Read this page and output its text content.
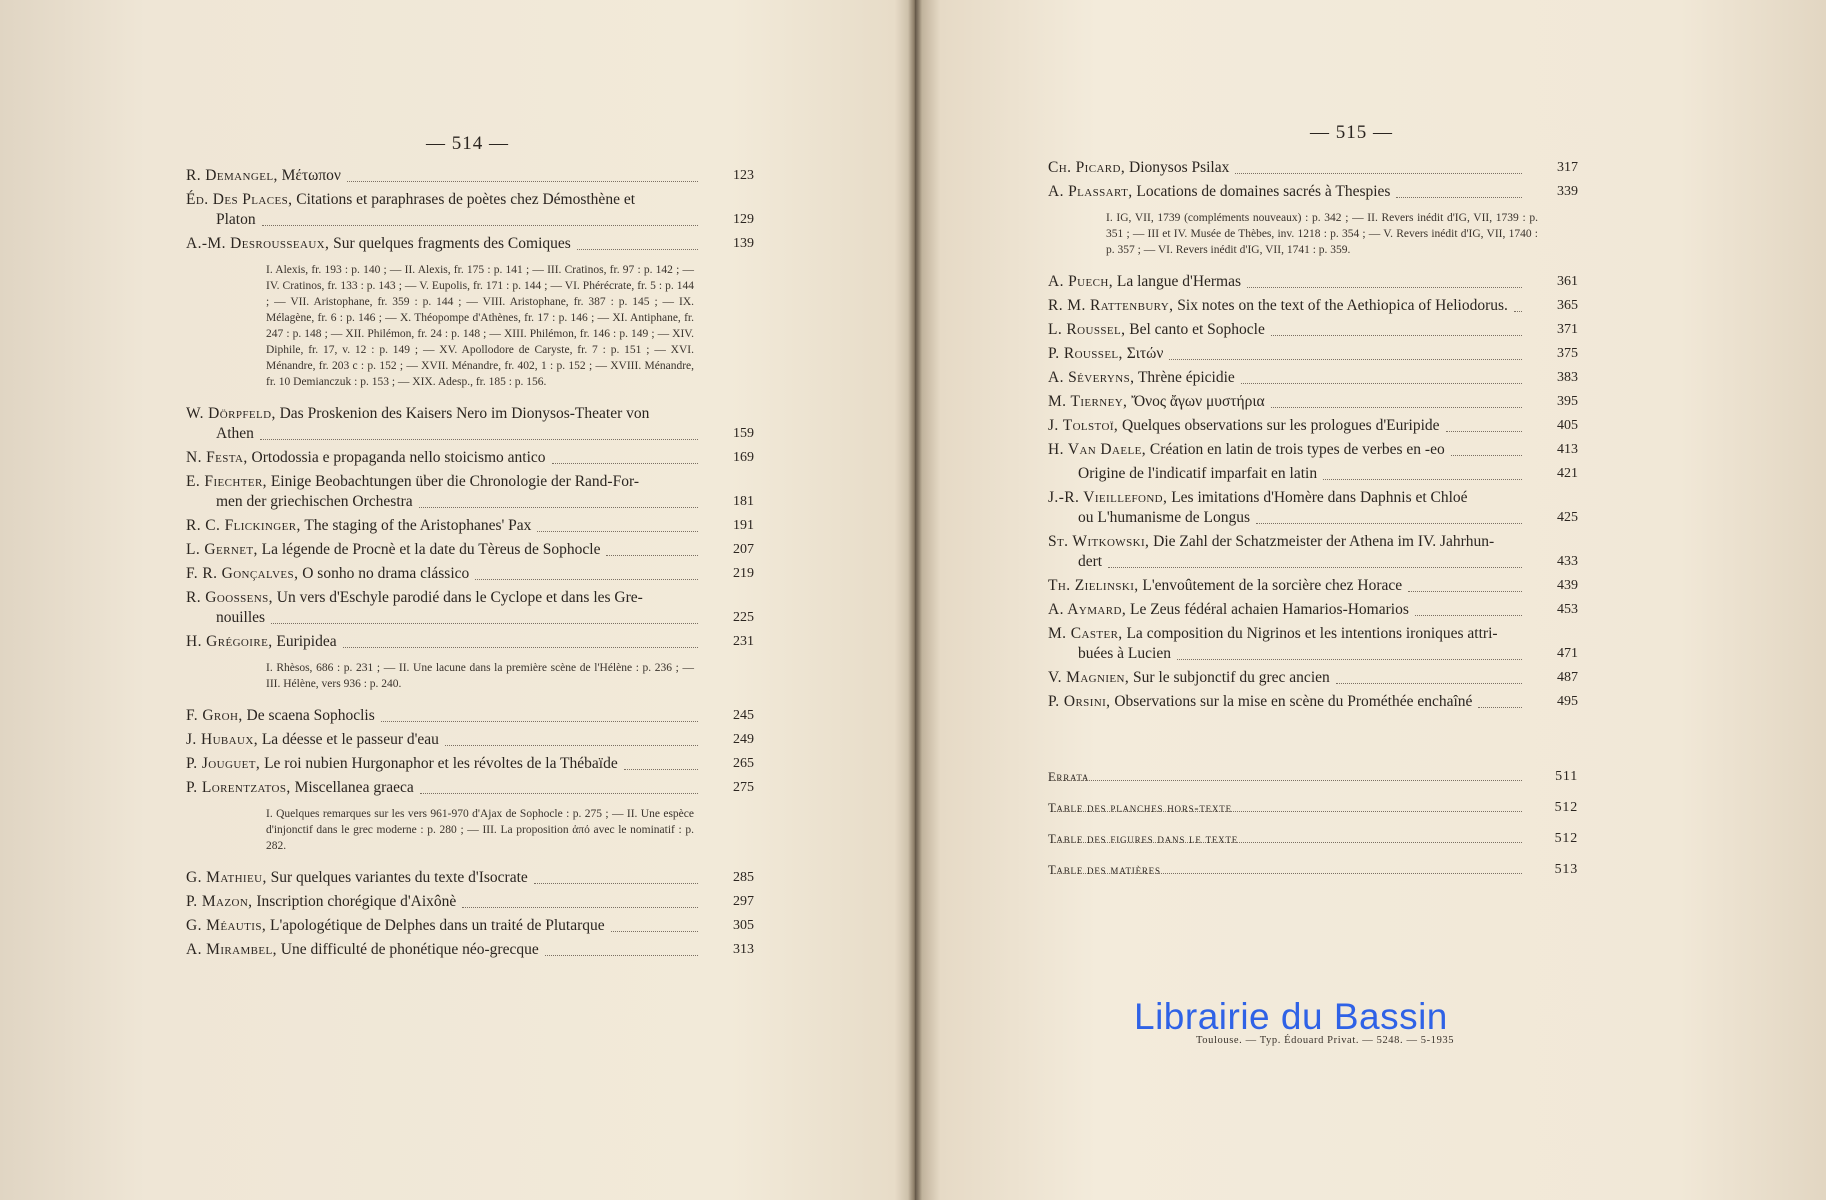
— 514 —
R. Demangel, Μέτωπον	123
Éd. Des Places, Citations et paraphrases de poètes chez Démosthène et
Platon	129
A.-M. Desrousseaux, Sur quelques fragments des Comiques	139
I. Alexis, fr. 193 : p. 140 ; — II. Alexis, fr. 175 : p. 141 ; — III. Cratinos, fr. 97 : p. 142 ; — IV. Cratinos, fr. 133 : p. 143 ; — V. Eupolis, fr. 171 : p. 144 ; — VI. Phérécrate, fr. 5 : p. 144 ; — VII. Aristophane, fr. 359 : p. 144 ; — VIII. Aristophane, fr. 387 : p. 145 ; — IX. Mélagène, fr. 6 : p. 146 ; — X. Théopompe d'Athènes, fr. 17 : p. 146 ; — XI. Antiphane, fr. 247 : p. 148 ; — XII. Philémon, fr. 24 : p. 148 ; — XIII. Philémon, fr. 146 : p. 149 ; — XIV. Diphile, fr. 17, v. 12 : p. 149 ; — XV. Apollodore de Caryste, fr. 7 : p. 151 ; — XVI. Ménandre, fr. 203 c : p. 152 ; — XVII. Ménandre, fr. 402, 1 : p. 152 ; — XVIII. Ménandre, fr. 10 Demianczuk : p. 153 ; — XIX. Adesp., fr. 185 : p. 156.
W. Dörpfeld, Das Proskenion des Kaisers Nero im Dionysos-Theater von
Athen	159
N. Festa, Ortodossia e propaganda nello stoicismo antico	169
E. Fiechter, Einige Beobachtungen über die Chronologie der Rand-For-
men der griechischen Orchestra	181
R. C. Flickinger, The staging of the Aristophanes' Pax	191
L. Gernet, La légende de Procnè et la date du Tèreus de Sophocle	207
F. R. Gonçalves, O sonho no drama clássico	219
R. Goossens, Un vers d'Eschyle parodié dans le Cyclope et dans les Gre-
nouilles	225
H. Grégoire, Euripidea	231
I. Rhèsos, 686 : p. 231 ; — II. Une lacune dans la première scène de l'Hélène : p. 236 ; — III. Hélène, vers 936 : p. 240.
F. Groh, De scaena Sophoclis	245
J. Hubaux, La déesse et le passeur d'eau	249
P. Jouguet, Le roi nubien Hurgonaphor et les révoltes de la Thébaïde	265
P. Lorentzatos, Miscellanea graeca	275
I. Quelques remarques sur les vers 961-970 d'Ajax de Sophocle : p. 275 ; — II. Une espèce d'injonctif dans le grec moderne : p. 280 ; — III. La proposition ἀπό avec le nominatif : p. 282.
G. Mathieu, Sur quelques variantes du texte d'Isocrate	285
P. Mazon, Inscription chorégique d'Aixônè	297
G. Méautis, L'apologétique de Delphes dans un traité de Plutarque	305
A. Mirambel, Une difficulté de phonétique néo-grecque	313
— 515 —
Ch. Picard, Dionysos Psilax	317
A. Plassart, Locations de domaines sacrés à Thespies	339
I. IG, VII, 1739 (compléments nouveaux) : p. 342 ; — II. Revers inédit d'IG, VII, 1739 : p. 351 ; — III et IV. Musée de Thèbes, inv. 1218 : p. 354 ; — V. Revers inédit d'IG, VII, 1740 : p. 357 ; — VI. Revers inédit d'IG, VII, 1741 : p. 359.
A. Puech, La langue d'Hermas	361
R. M. Rattenbury, Six notes on the text of the Aethiopica of Heliodorus.	365
L. Roussel, Bel canto et Sophocle	371
P. Roussel, Σιτών	375
A. Séveryns, Thrène épicidie	383
M. Tierney, Ὄνος ἄγων μυστήρια	395
J. Tolstoï, Quelques observations sur les prologues d'Euripide	405
H. Van Daele, Création en latin de trois types de verbes en -eo	413
Origine de l'indicatif imparfait en latin	421
J.-R. Vieillefond, Les imitations d'Homère dans Daphnis et Chloé
ou L'humanisme de Longus	425
St. Witkowski, Die Zahl der Schatzmeister der Athena im IV. Jahrhun-
dert	433
Th. Zielinski, L'envoûtement de la sorcière chez Horace	439
A. Aymard, Le Zeus fédéral achaien Hamarios-Homarios	453
M. Caster, La composition du Nigrinos et les intentions ironiques attri-
buées à Lucien	471
V. Magnien, Sur le subjonctif du grec ancien	487
P. Orsini, Observations sur la mise en scène du Prométhée enchaîné	495
Errata	511
Table des planches hors-texte	512
Table des figures dans le texte	512
Table des matières	513
Librairie du Bassin
Toulouse. — Typ. Édouard Privat. — 5248. — 5-1935
